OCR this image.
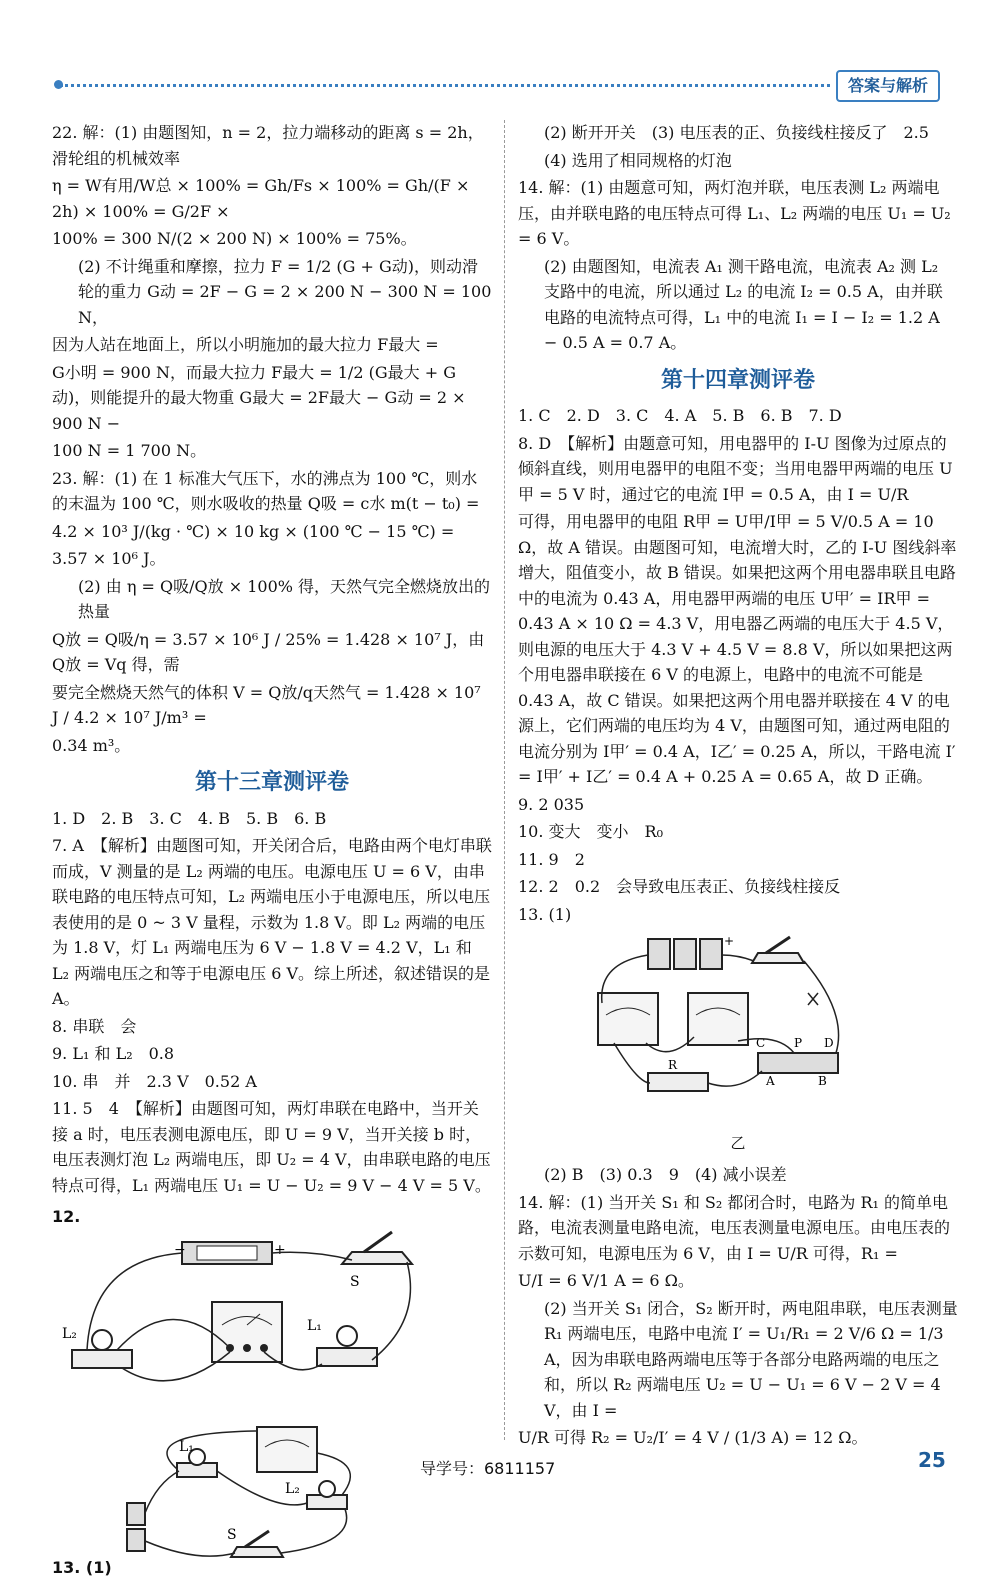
答案与解析

22. 解：(1) 由题图知，n = 2，拉力端移动的距离 s = 2h，滑轮组的机械效率

η = W有用/W总 × 100% = Gh/Fs × 100% = Gh/(F × 2h) × 100% = G/2F ×

100% = 300 N/(2 × 200 N) × 100% = 75%。

(2) 不计绳重和摩擦，拉力 F = 1/2 (G + G动)，则动滑轮的重力 G动 = 2F − G = 2 × 200 N − 300 N = 100 N，

因为人站在地面上，所以小明施加的最大拉力 F最大 =

G小明 = 900 N，而最大拉力 F最大 = 1/2 (G最大 + G动)，则能提升的最大物重 G最大 = 2F最大 − G动 = 2 × 900 N −

100 N = 1 700 N。

23. 解：(1) 在 1 标准大气压下，水的沸点为 100 ℃，则水的末温为 100 ℃，则水吸收的热量 Q吸 = c水 m(t − t₀) =

4.2 × 10³ J/(kg · ℃) × 10 kg × (100 ℃ − 15 ℃) =

3.57 × 10⁶ J。

(2) 由 η = Q吸/Q放 × 100% 得，天然气完全燃烧放出的热量

Q放 = Q吸/η = 3.57 × 10⁶ J / 25% = 1.428 × 10⁷ J，由 Q放 = Vq 得，需

要完全燃烧天然气的体积 V = Q放/q天然气 = 1.428 × 10⁷ J / 4.2 × 10⁷ J/m³ =

0.34 m³。

第十三章测评卷

1. D　2. B　3. C　4. B　5. B　6. B

7. A　【解析】由题图可知，开关闭合后，电路由两个电灯串联而成，V 测量的是 L₂ 两端的电压。电源电压 U = 6 V，由串联电路的电压特点可知，L₂ 两端电压小于电源电压，所以电压表使用的是 0 ~ 3 V 量程，示数为 1.8 V。即 L₂ 两端的电压为 1.8 V，灯 L₁ 两端电压为 6 V − 1.8 V = 4.2 V，L₁ 和 L₂ 两端电压之和等于电源电压 6 V。综上所述，叙述错误的是 A。

8. 串联　会

9. L₁ 和 L₂　0.8

10. 串　并　2.3 V　0.52 A

11. 5　4　【解析】由题图可知，两灯串联在电路中，当开关接 a 时，电压表测电源电压，即 U = 9 V，当开关接 b 时，电压表测灯泡 L₂ 两端电压，即 U₂ = 4 V，由串联电路的电压特点可得，L₁ 两端电压 U₁ = U − U₂ = 9 V − 4 V = 5 V。

12.
−	+
S
L₂	L₁
13. (1)
L₁
L₂
S

(2) 断开开关　(3) 电压表的正、负接线柱接反了　2.5

(4) 选用了相同规格的灯泡

14. 解：(1) 由题意可知，两灯泡并联，电压表测 L₂ 两端电压，由并联电路的电压特点可得 L₁、L₂ 两端的电压 U₁ = U₂ = 6 V。

(2) 由题图知，电流表 A₁ 测干路电流，电流表 A₂ 测 L₂ 支路中的电流，所以通过 L₂ 的电流 I₂ = 0.5 A，由并联电路的电流特点可得，L₁ 中的电流 I₁ = I − I₂ = 1.2 A − 0.5 A = 0.7 A。

第十四章测评卷

1. C　2. D　3. C　4. A　5. B　6. B　7. D

8. D　【解析】由题意可知，用电器甲的 I-U 图像为过原点的倾斜直线，则用电器甲的电阻不变；当用电器甲两端的电压 U甲 = 5 V 时，通过它的电流 I甲 = 0.5 A，由 I = U/R

可得，用电器甲的电阻 R甲 = U甲/I甲 = 5 V/0.5 A = 10 Ω，故 A 错误。由题图可知，电流增大时，乙的 I-U 图线斜率增大，阻值变小，故 B 错误。如果把这两个用电器串联且电路中的电流为 0.43 A，用电器甲两端的电压 U甲′ = IR甲 = 0.43 A × 10 Ω = 4.3 V，用电器乙两端的电压大于 4.5 V，则电源的电压大于 4.3 V + 4.5 V = 8.8 V，所以如果把这两个用电器串联接在 6 V 的电源上，电路中的电流不可能是 0.43 A，故 C 错误。如果把这两个用电器并联接在 4 V 的电源上，它们两端的电压均为 4 V，由题图可知，通过两电阻的电流分别为 I甲′ = 0.4 A，I乙′ = 0.25 A，所以，干路电流 I′ = I甲′ + I乙′ = 0.4 A + 0.25 A = 0.65 A，故 D 正确。

9. 2 035

10. 变大　变小　R₀

11. 9　2

12. 2　0.2　会导致电压表正、负接线柱接反

13. (1)

+
C P D
A	B
R
乙

(2) B　(3) 0.3　9　(4) 减小误差

14. 解：(1) 当开关 S₁ 和 S₂ 都闭合时，电路为 R₁ 的简单电路，电流表测量电路电流，电压表测量电源电压。由电压表的示数可知，电源电压为 6 V，由 I = U/R 可得，R₁ =

U/I = 6 V/1 A = 6 Ω。

(2) 当开关 S₁ 闭合，S₂ 断开时，两电阻串联，电压表测量 R₁ 两端电压，电路中电流 I′ = U₁/R₁ = 2 V/6 Ω = 1/3 A，因为串联电路两端电压等于各部分电路两端的电压之和，所以 R₂ 两端电压 U₂ = U − U₁ = 6 V − 2 V = 4 V，由 I =

U/R 可得 R₂ = U₂/I′ = 4 V / (1/3 A) = 12 Ω。

导学号：6811157	25
